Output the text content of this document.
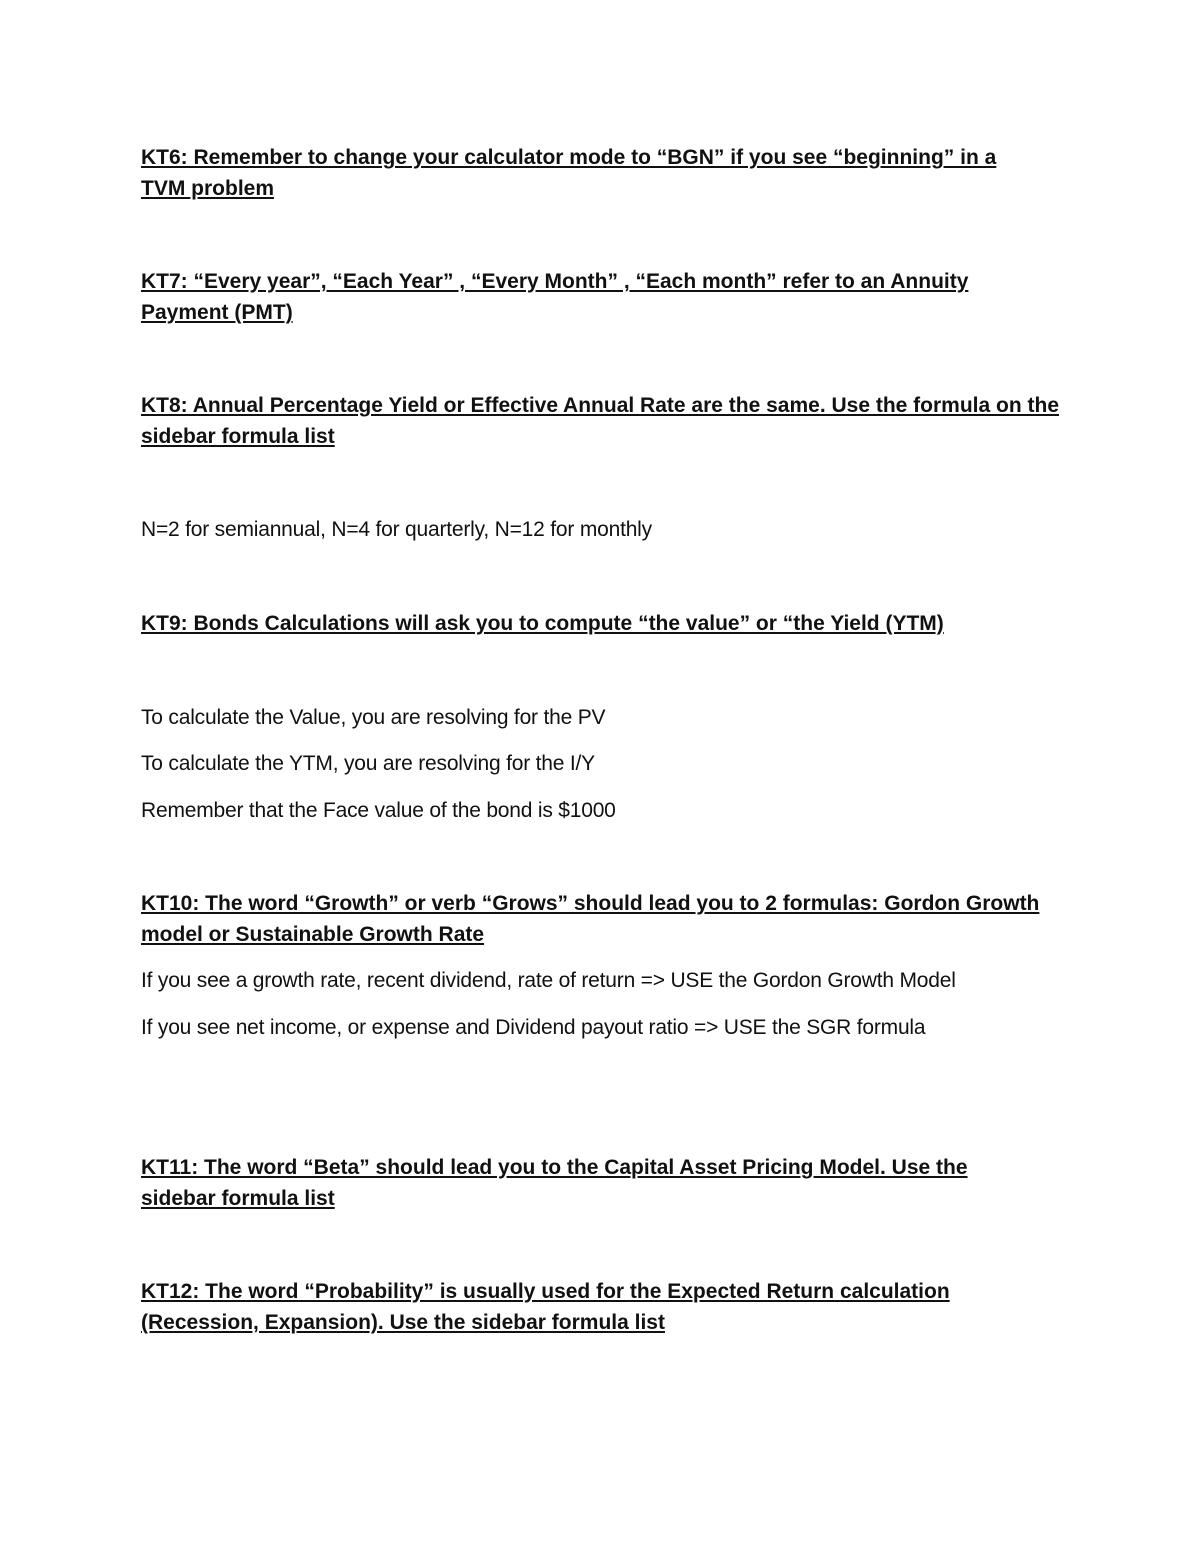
KT6: Remember to change your calculator mode to “BGN” if you see “beginning” in a TVM problem

KT7: “Every year”, “Each Year” , “Every Month” , “Each month” refer to an Annuity Payment (PMT)

KT8: Annual Percentage Yield or Effective Annual Rate are the same. Use the formula on the sidebar formula list

N=2 for semiannual, N=4 for quarterly, N=12 for monthly

KT9: Bonds Calculations will ask you to compute “the value” or “the Yield (YTM)

To calculate the Value, you are resolving for the PV

To calculate the YTM, you are resolving for the I/Y

Remember that the Face value of the bond is $1000

KT10: The word “Growth” or verb “Grows” should lead you to 2 formulas: Gordon Growth model or Sustainable Growth Rate

If you see a growth rate, recent dividend, rate of return => USE the Gordon Growth Model

If you see net income, or expense and Dividend payout ratio => USE the SGR formula

KT11: The word “Beta” should lead you to the Capital Asset Pricing Model. Use the sidebar formula list

KT12: The word “Probability” is usually used for the Expected Return calculation (Recession, Expansion). Use the sidebar formula list
